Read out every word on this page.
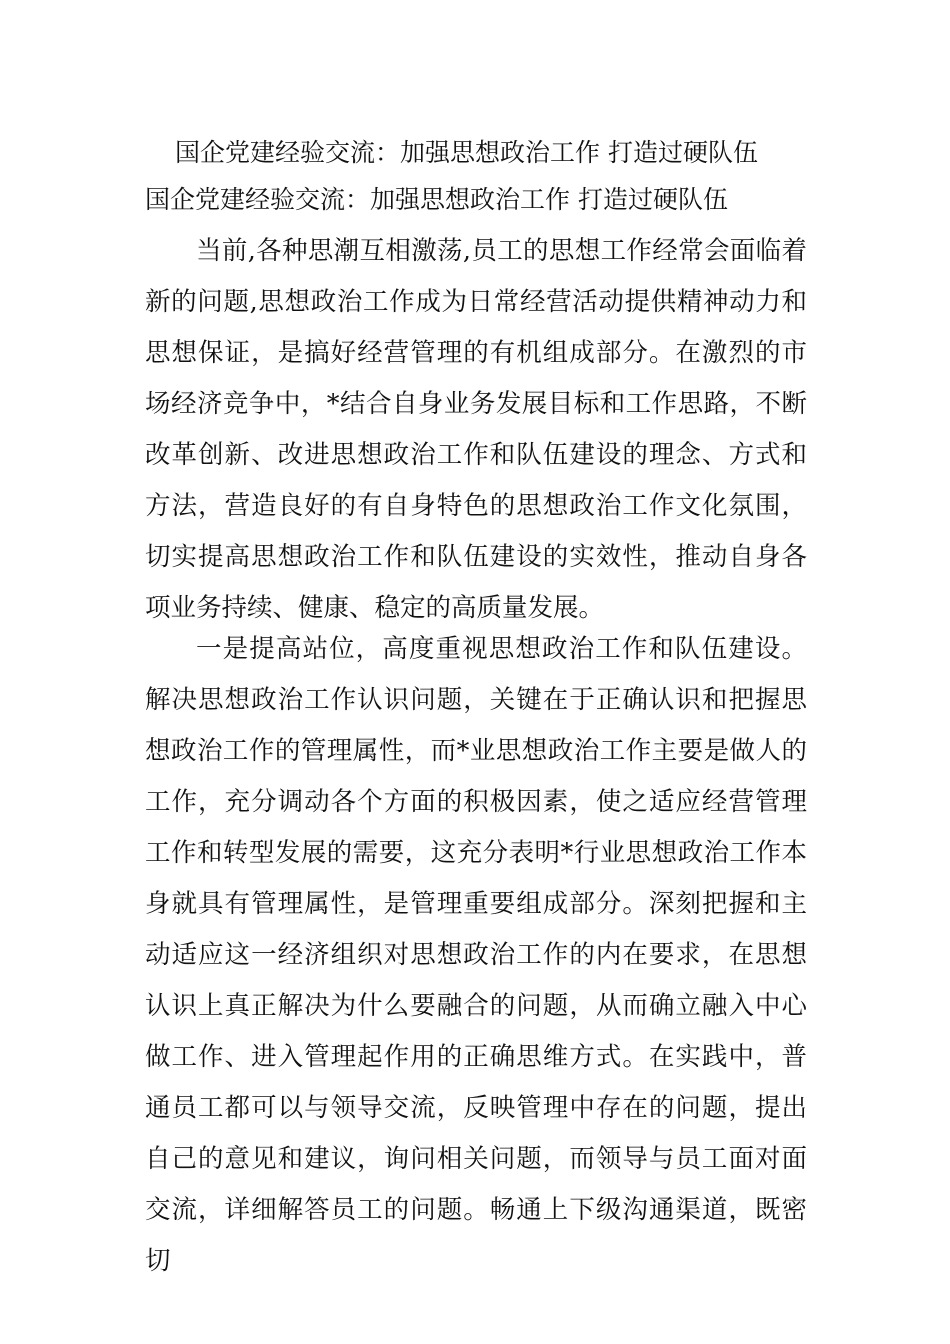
国企党建经验交流：加强思想政治工作 打造过硬队伍
国企党建经验交流：加强思想政治工作 打造过硬队伍

当前,各种思潮互相激荡,员工的思想工作经常会面临着新的问题,思想政治工作成为日常经营活动提供精神动力和思想保证，是搞好经营管理的有机组成部分。在激烈的市场经济竞争中，*结合自身业务发展目标和工作思路，不断改革创新、改进思想政治工作和队伍建设的理念、方式和方法，营造良好的有自身特色的思想政治工作文化氛围，切实提高思想政治工作和队伍建设的实效性，推动自身各项业务持续、健康、稳定的高质量发展。

一是提高站位，高度重视思想政治工作和队伍建设。解决思想政治工作认识问题，关键在于正确认识和把握思想政治工作的管理属性，而*业思想政治工作主要是做人的工作，充分调动各个方面的积极因素，使之适应经营管理工作和转型发展的需要，这充分表明*行业思想政治工作本身就具有管理属性，是管理重要组成部分。深刻把握和主动适应这一经济组织对思想政治工作的内在要求，在思想认识上真正解决为什么要融合的问题，从而确立融入中心做工作、进入管理起作用的正确思维方式。在实践中，普通员工都可以与领导交流，反映管理中存在的问题，提出自己的意见和建议，询问相关问题，而领导与员工面对面交流，详细解答员工的问题。畅通上下级沟通渠道，既密切
